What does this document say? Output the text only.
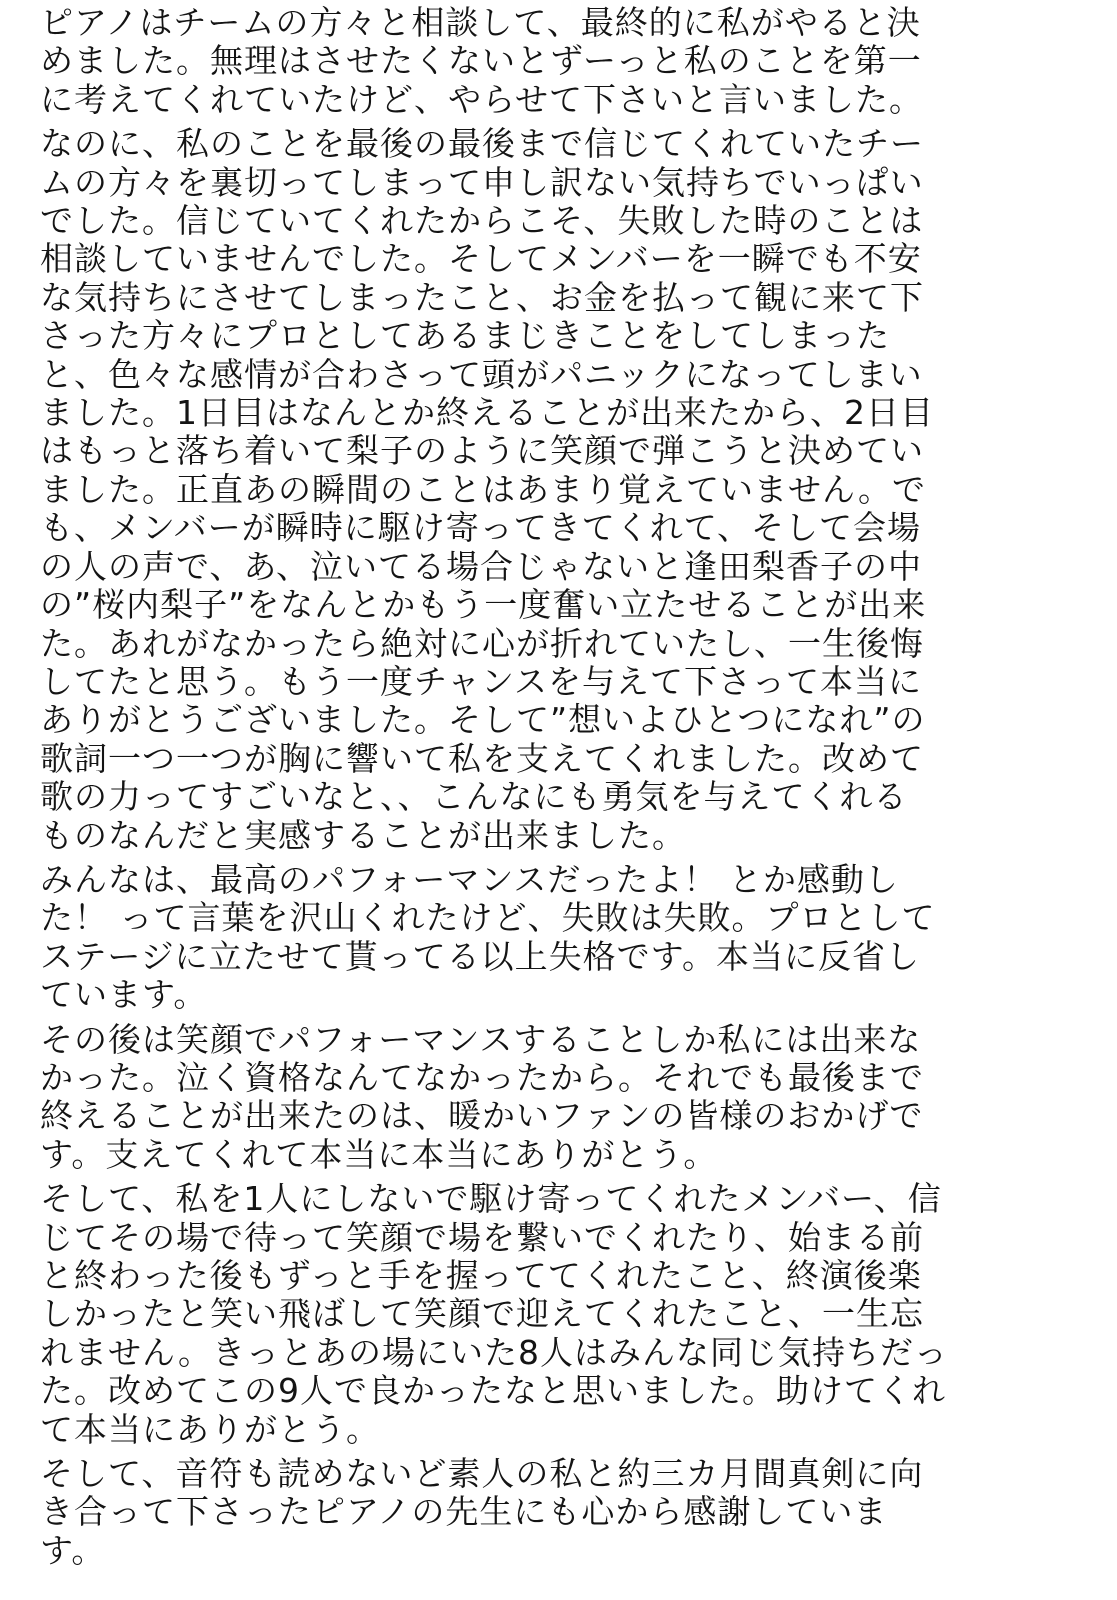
ピアノはチームの方々と相談して、最終的に私がやると決
めました。無理はさせたくないとずーっと私のことを第一
に考えてくれていたけど、やらせて下さいと言いました。
なのに、私のことを最後の最後まで信じてくれていたチー
ムの方々を裏切ってしまって申し訳ない気持ちでいっぱい
でした。信じていてくれたからこそ、失敗した時のことは
相談していませんでした。そしてメンバーを一瞬でも不安
な気持ちにさせてしまったこと、お金を払って観に来て下
さった方々にプロとしてあるまじきことをしてしまった
と、色々な感情が合わさって頭がパニックになってしまい
ました。1日目はなんとか終えることが出来たから、2日目
はもっと落ち着いて梨子のように笑顔で弾こうと決めてい
ました。正直あの瞬間のことはあまり覚えていません。で
も、メンバーが瞬時に駆け寄ってきてくれて、そして会場
の人の声で、あ、泣いてる場合じゃないと逢田梨香子の中
の”桜内梨子”をなんとかもう一度奮い立たせることが出来
た。あれがなかったら絶対に心が折れていたし、一生後悔
してたと思う。もう一度チャンスを与えて下さって本当に
ありがとうございました。そして”想いよひとつになれ”の
歌詞一つ一つが胸に響いて私を支えてくれました。改めて
歌の力ってすごいなと、、こんなにも勇気を与えてくれる
ものなんだと実感することが出来ました。
みんなは、最高のパフォーマンスだったよ！ とか感動し
た！ って言葉を沢山くれたけど、失敗は失敗。プロとして
ステージに立たせて貰ってる以上失格です。本当に反省し
ています。
その後は笑顔でパフォーマンスすることしか私には出来な
かった。泣く資格なんてなかったから。それでも最後まで
終えることが出来たのは、暖かいファンの皆様のおかげで
す。支えてくれて本当に本当にありがとう。
そして、私を1人にしないで駆け寄ってくれたメンバー、信
じてその場で待って笑顔で場を繋いでくれたり、始まる前
と終わった後もずっと手を握っててくれたこと、終演後楽
しかったと笑い飛ばして笑顔で迎えてくれたこと、一生忘
れません。きっとあの場にいた8人はみんな同じ気持ちだっ
た。改めてこの9人で良かったなと思いました。助けてくれ
て本当にありがとう。
そして、音符も読めないど素人の私と約三カ月間真剣に向
き合って下さったピアノの先生にも心から感謝していま
す。
